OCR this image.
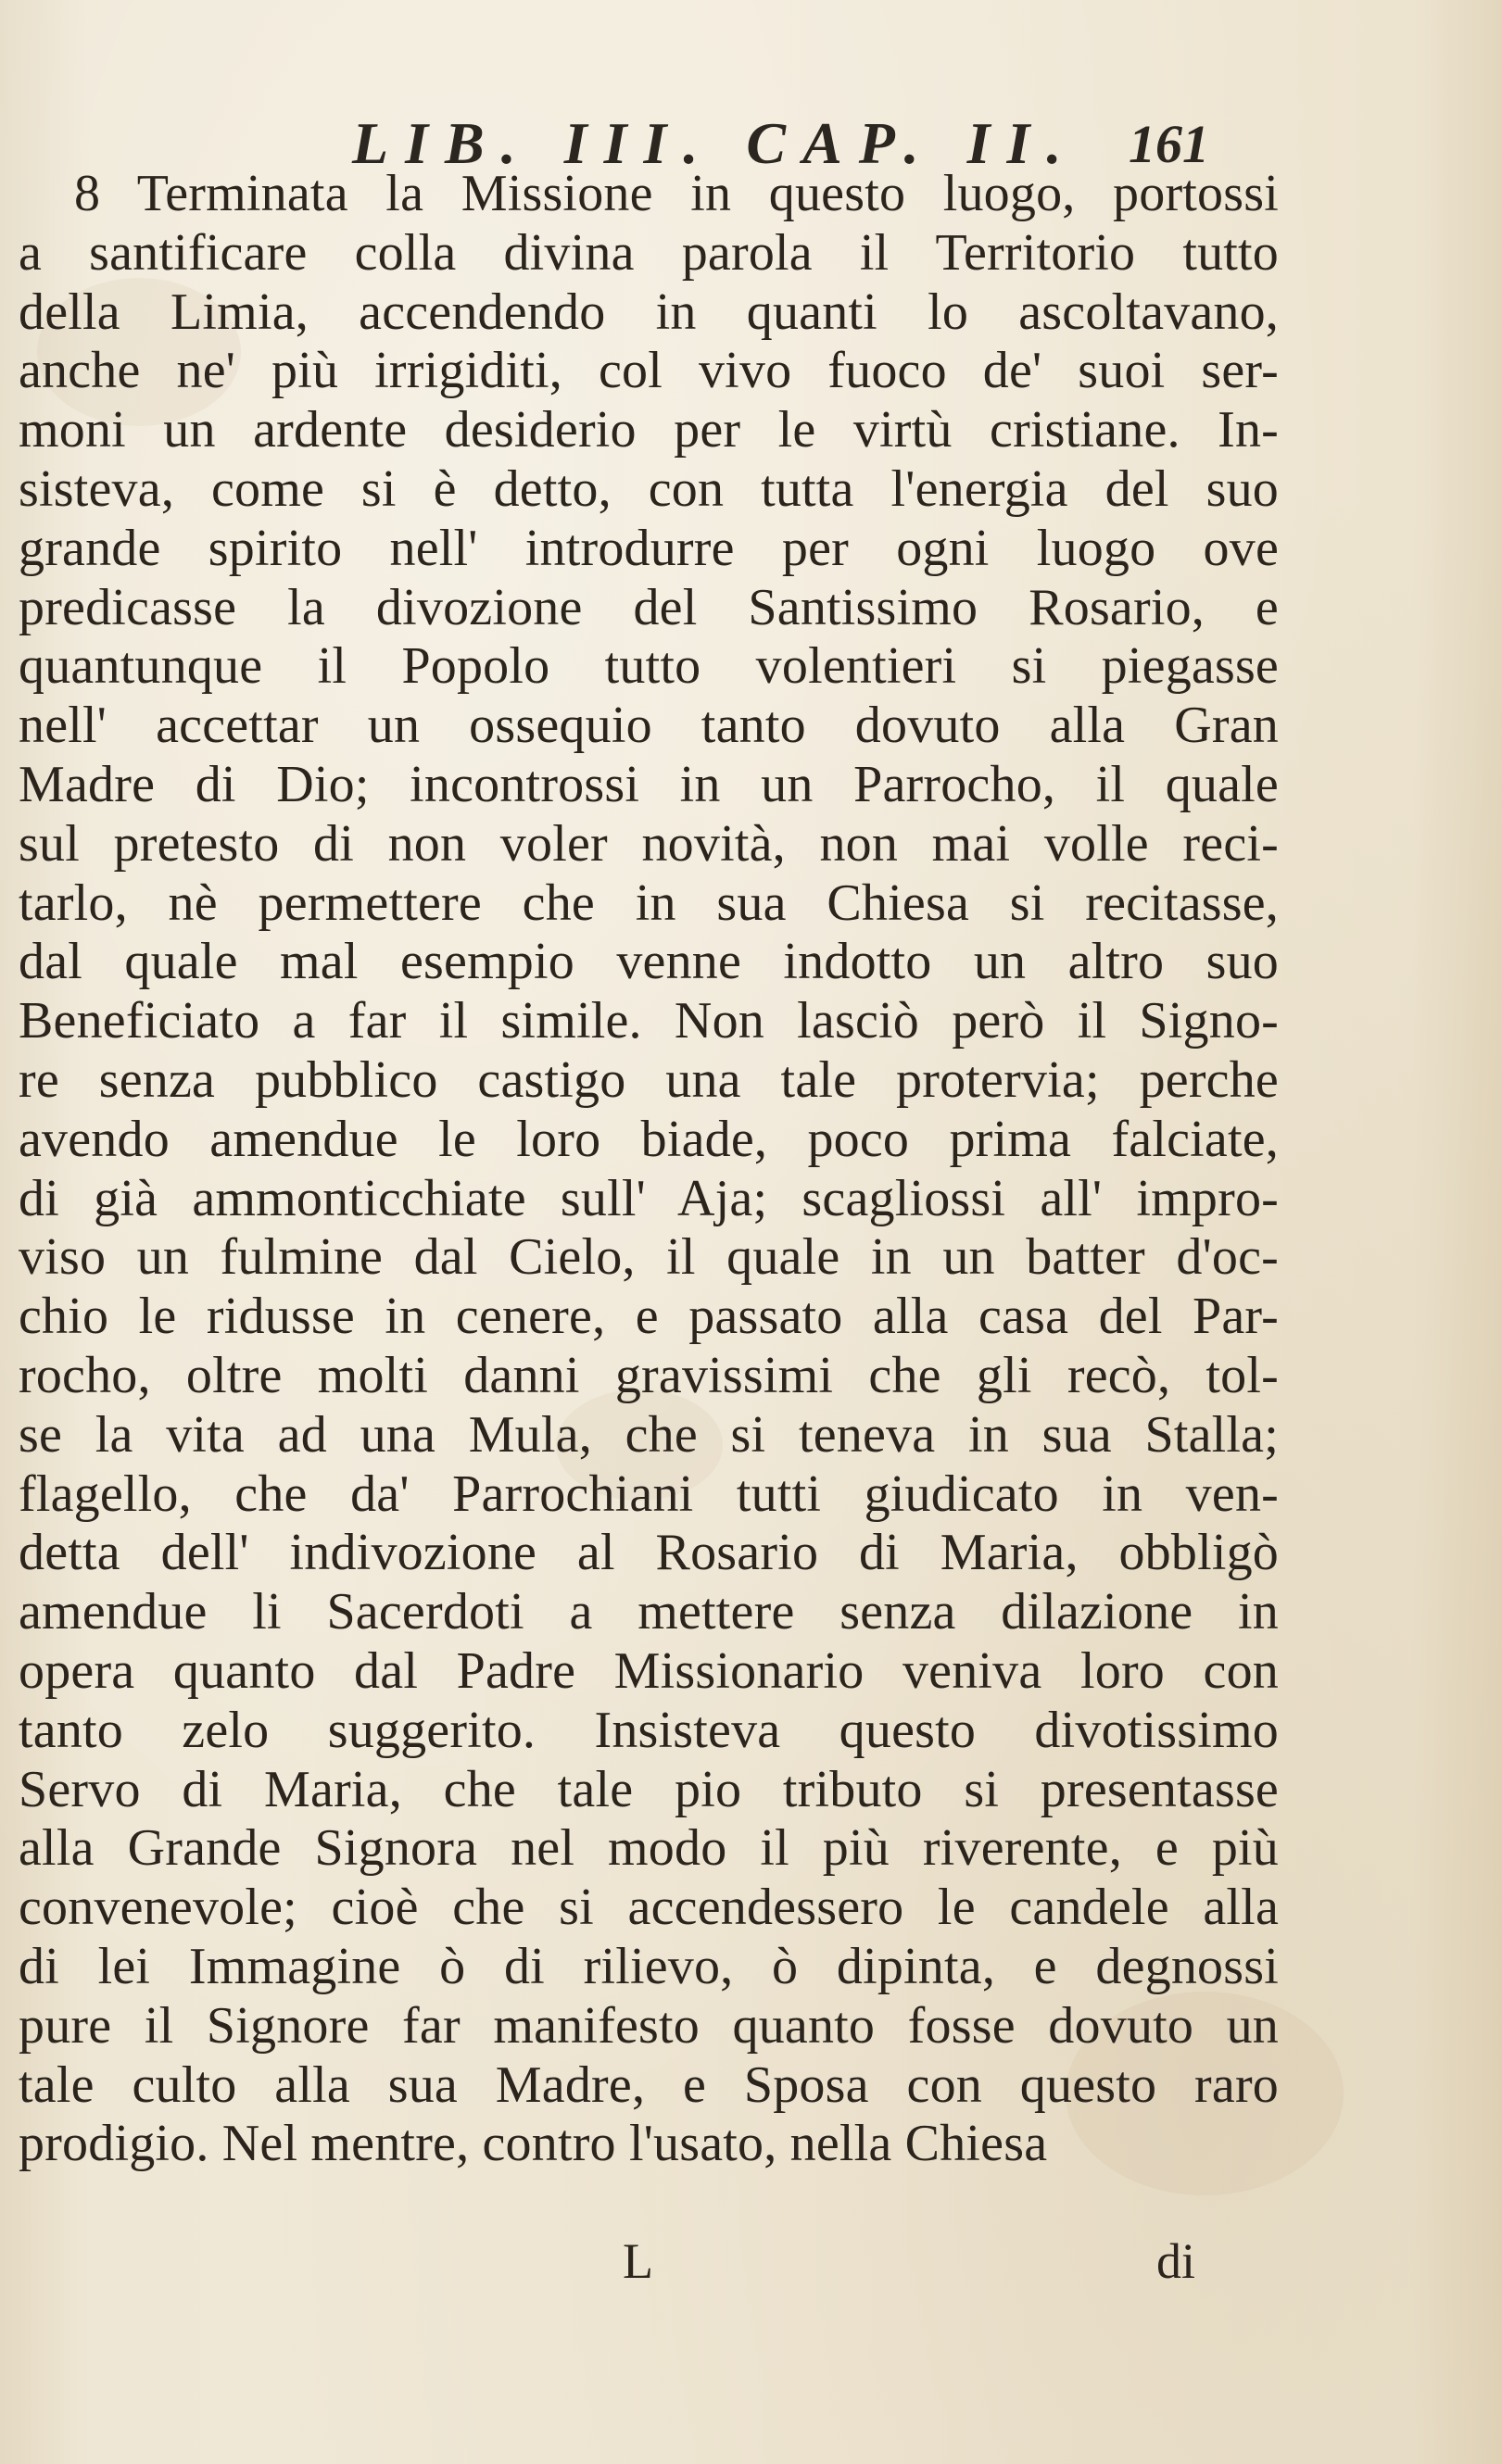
LIB. III. CAP. II. 161
8 Terminata la Missione in questo luogo, portossi
a santificare colla divina parola il Territorio tutto
della Limia, accendendo in quanti lo ascoltavano,
anche ne' più irrigiditi, col vivo fuoco de' suoi ser-
moni un ardente desiderio per le virtù cristiane. In-
sisteva, come si è detto, con tutta l'energia del suo
grande spirito nell' introdurre per ogni luogo ove
predicasse la divozione del Santissimo Rosario, e
quantunque il Popolo tutto volentieri si piegasse
nell' accettar un ossequio tanto dovuto alla Gran
Madre di Dio; incontrossi in un Parrocho, il quale
sul pretesto di non voler novità, non mai volle reci-
tarlo, nè permettere che in sua Chiesa si recitasse,
dal quale mal esempio venne indotto un altro suo
Beneficiato a far il simile. Non lasciò però il Signo-
re senza pubblico castigo una tale protervia; perche
avendo amendue le loro biade, poco prima falciate,
di già ammonticchiate sull' Aja; scagliossi all' impro-
viso un fulmine dal Cielo, il quale in un batter d'oc-
chio le ridusse in cenere, e passato alla casa del Par-
rocho, oltre molti danni gravissimi che gli recò, tol-
se la vita ad una Mula, che si teneva in sua Stalla;
flagello, che da' Parrochiani tutti giudicato in ven-
detta dell' indivozione al Rosario di Maria, obbligò
amendue li Sacerdoti a mettere senza dilazione in
opera quanto dal Padre Missionario veniva loro con
tanto zelo suggerito. Insisteva questo divotissimo
Servo di Maria, che tale pio tributo si presentasse
alla Grande Signora nel modo il più riverente, e più
convenevole; cioè che si accendessero le candele alla
di lei Immagine ò di rilievo, ò dipinta, e degnossi
pure il Signore far manifesto quanto fosse dovuto un
tale culto alla sua Madre, e Sposa con questo raro
prodigio. Nel mentre, contro l'usato, nella Chiesa
L	di
